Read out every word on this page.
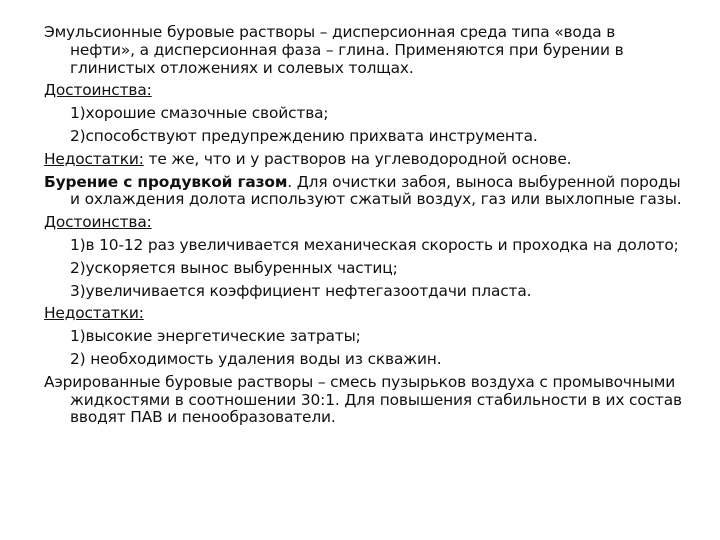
Эмульсионные буровые растворы – дисперсионная среда типа «вода в нефти», а дисперсионная фаза – глина. Применяются при бурении в глинистых отложениях и солевых толщах.

Достоинства:

1)хорошие смазочные свойства;

2)способствуют предупреждению прихвата инструмента.

Недостатки: те же, что и у растворов на углеводородной основе.

Бурение с продувкой газом. Для очистки забоя, выноса выбуренной породы и охлаждения долота используют сжатый воздух, газ или выхлопные газы.

Достоинства:

1)в 10-12 раз увеличивается механическая скорость и проходка на долото;

2)ускоряется вынос выбуренных частиц;

3)увеличивается коэффициент нефтегазоотдачи пласта.

Недостатки:

1)высокие энергетические затраты;

2) необходимость удаления воды из скважин.

Аэрированные буровые растворы – смесь пузырьков воздуха с промывочными жидкостями в соотношении 30:1. Для повышения стабильности в их состав вводят ПАВ и пенообразователи.
